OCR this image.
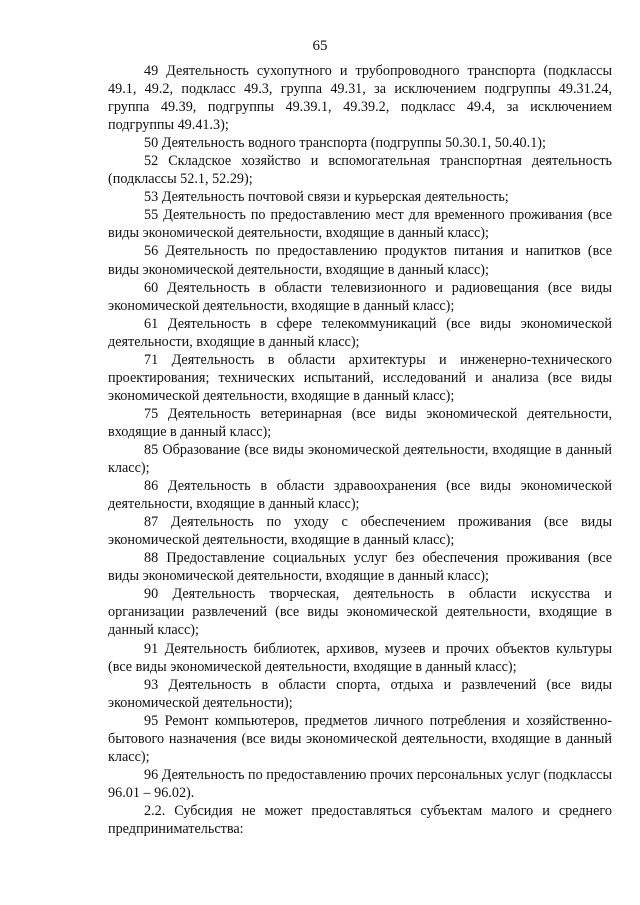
65

49 Деятельность сухопутного и трубопроводного транспорта (подклассы 49.1, 49.2, подкласс 49.3, группа 49.31, за исключением подгруппы 49.31.24, группа 49.39, подгруппы 49.39.1, 49.39.2, подкласс 49.4, за исключением подгруппы 49.41.3);

50 Деятельность водного транспорта (подгруппы 50.30.1, 50.40.1);

52 Складское хозяйство и вспомогательная транспортная деятельность (подклассы 52.1, 52.29);

53 Деятельность почтовой связи и курьерская деятельность;

55 Деятельность по предоставлению мест для временного проживания (все виды экономической деятельности, входящие в данный класс);

56 Деятельность по предоставлению продуктов питания и напитков (все виды экономической деятельности, входящие в данный класс);

60 Деятельность в области телевизионного и радиовещания (все виды экономической деятельности, входящие в данный класс);

61 Деятельность в сфере телекоммуникаций (все виды экономической деятельности, входящие в данный класс);

71 Деятельность в области архитектуры и инженерно-технического проектирования; технических испытаний, исследований и анализа (все виды экономической деятельности, входящие в данный класс);

75 Деятельность ветеринарная (все виды экономической деятельности, входящие в данный класс);

85 Образование (все виды экономической деятельности, входящие в данный класс);

86 Деятельность в области здравоохранения (все виды экономической деятельности, входящие в данный класс);

87 Деятельность по уходу с обеспечением проживания (все виды экономической деятельности, входящие в данный класс);

88 Предоставление социальных услуг без обеспечения проживания (все виды экономической деятельности, входящие в данный класс);

90 Деятельность творческая, деятельность в области искусства и организации развлечений (все виды экономической деятельности, входящие в данный класс);

91 Деятельность библиотек, архивов, музеев и прочих объектов культуры (все виды экономической деятельности, входящие в данный класс);

93 Деятельность в области спорта, отдыха и развлечений (все виды экономической деятельности);

95 Ремонт компьютеров, предметов личного потребления и хозяйственно-бытового назначения (все виды экономической деятельности, входящие в данный класс);

96 Деятельность по предоставлению прочих персональных услуг (подклассы 96.01 – 96.02).

2.2. Субсидия не может предоставляться субъектам малого и среднего предпринимательства:
